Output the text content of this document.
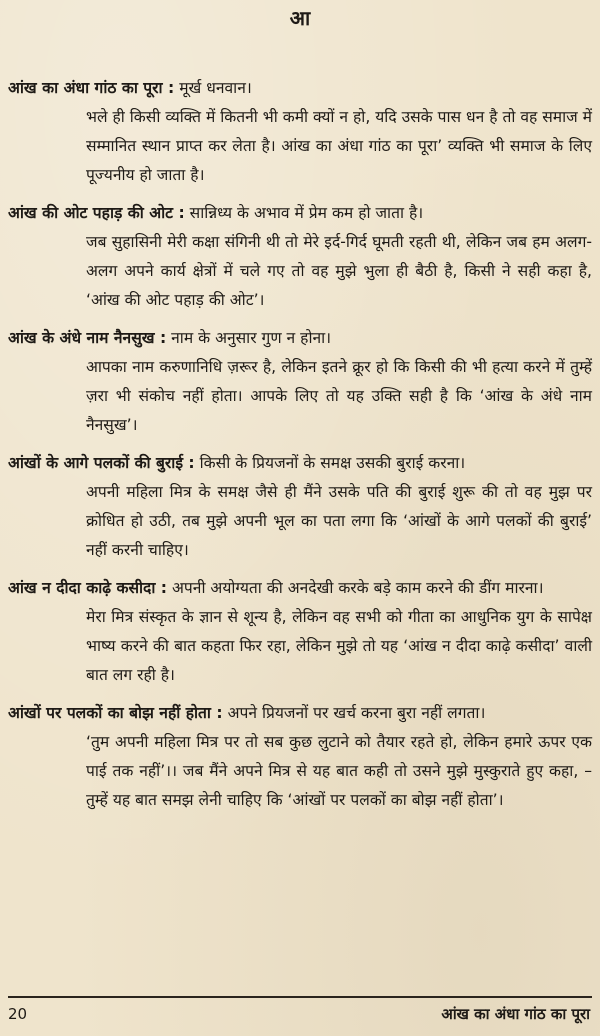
आ

आंख का अंधा गांठ का पूरा : मूर्ख धनवान।

भले ही किसी व्यक्ति में कितनी भी कमी क्यों न हो, यदि उसके पास धन है तो वह समाज में सम्मानित स्थान प्राप्त कर लेता है। आंख का अंधा गांठ का पूरा’ व्यक्ति भी समाज के लिए पूज्यनीय हो जाता है।

आंख की ओट पहाड़ की ओट : सान्निध्य के अभाव में प्रेम कम हो जाता है।

जब सुहासिनी मेरी कक्षा संगिनी थी तो मेरे इर्द-गिर्द घूमती रहती थी, लेकिन जब हम अलग-अलग अपने कार्य क्षेत्रों में चले गए तो वह मुझे भुला ही बैठी है, किसी ने सही कहा है, ‘आंख की ओट पहाड़ की ओट’।

आंख के अंधे नाम नैनसुख : नाम के अनुसार गुण न होना।

आपका नाम करुणानिधि ज़रूर है, लेकिन इतने क्रूर हो कि किसी की भी हत्या करने में तुम्हें ज़रा भी संकोच नहीं होता। आपके लिए तो यह उक्ति सही है कि ‘आंख के अंधे नाम नैनसुख’।

आंखों के आगे पलकों की बुराई : किसी के प्रियजनों के समक्ष उसकी बुराई करना।

अपनी महिला मित्र के समक्ष जैसे ही मैंने उसके पति की बुराई शुरू की तो वह मुझ पर क्रोधित हो उठी, तब मुझे अपनी भूल का पता लगा कि ‘आंखों के आगे पलकों की बुराई’ नहीं करनी चाहिए।

आंख न दीदा काढ़े कसीदा : अपनी अयोग्यता की अनदेखी करके बड़े काम करने की डींग मारना।

मेरा मित्र संस्कृत के ज्ञान से शून्य है, लेकिन वह सभी को गीता का आधुनिक युग के सापेक्ष भाष्य करने की बात कहता फिर रहा, लेकिन मुझे तो यह ‘आंख न दीदा काढ़े कसीदा’ वाली बात लग रही है।

आंखों पर पलकों का बोझ नहीं होता : अपने प्रियजनों पर खर्च करना बुरा नहीं लगता।

‘तुम अपनी महिला मित्र पर तो सब कुछ लुटाने को तैयार रहते हो, लेकिन हमारे ऊपर एक पाई तक नहीं’।। जब मैंने अपने मित्र से यह बात कही तो उसने मुझे मुस्कुराते हुए कहा, – तुम्हें यह बात समझ लेनी चाहिए कि ‘आंखों पर पलकों का बोझ नहीं होता’।

20	आंख का अंधा गांठ का पूरा
